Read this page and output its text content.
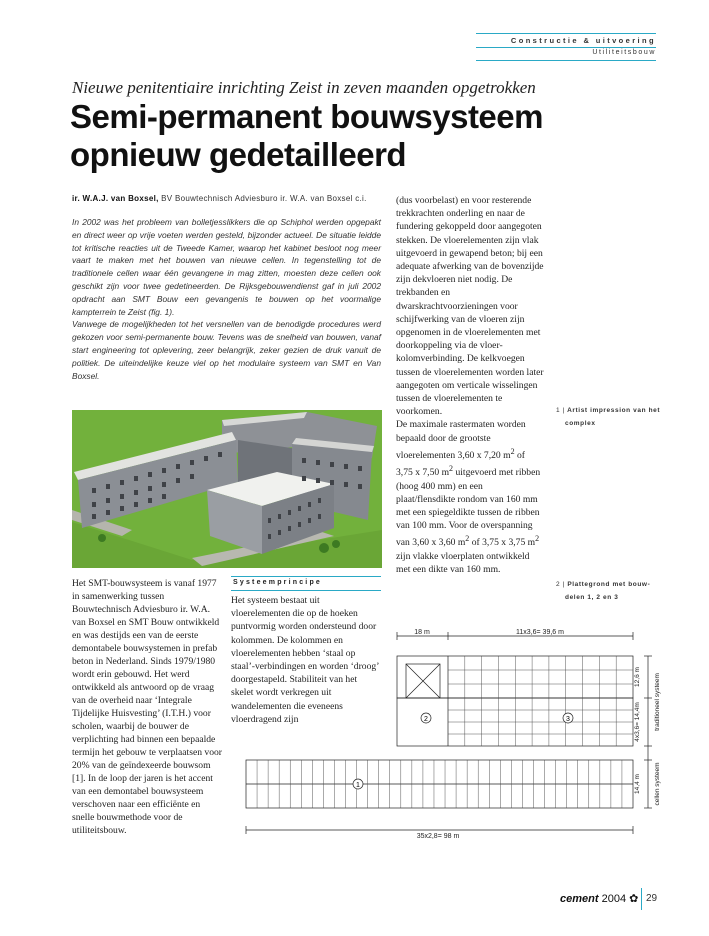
Constructie & uitvoering
Utiliteitsbouw
Nieuwe penitentiaire inrichting Zeist in zeven maanden opgetrokken
Semi-permanent bouwsysteem
opnieuw gedetailleerd
ir. W.A.J. van Boxsel, BV Bouwtechnisch Adviesburo ir. W.A. van Boxsel c.i.

In 2002 was het probleem van bolletjesslikkers die op Schiphol werden opgepakt en direct weer op vrije voeten werden gesteld, bijzonder actueel. De situatie leidde tot kritische reacties uit de Tweede Kamer, waarop het kabinet besloot nog meer vaart te maken met het bouwen van nieuwe cellen. In tegenstelling tot de traditionele cellen waar één gevangene in mag zitten, moesten deze cellen ook geschikt zijn voor twee gedetineerden. De Rijksgebouwendienst gaf in juli 2002 opdracht aan SMT Bouw een gevangenis te bouwen op het voormalige kampterrein te Zeist (fig. 1).

Vanwege de mogelijkheden tot het versnellen van de benodigde procedures werd gekozen voor semi-permanente bouw. Tevens was de snelheid van bouwen, vanaf start engineering tot oplevering, zeer belangrijk, zeker gezien de druk vanuit de politiek. De uiteindelijke keuze viel op het modulaire systeem van SMT en Van Boxsel.

(dus voorbelast) en voor resterende trekkrachten onderling en naar de fundering gekoppeld door aangegoten stekken. De vloerelementen zijn vlak uitgevoerd in gewapend beton; bij een adequate afwerking van de bovenzijde zijn dekvloeren niet nodig. De trekbanden en dwarskrachtvoorzieningen voor schijfwerking van de vloeren zijn opgenomen in de vloerelementen met doorkoppeling via de vloer-kolomverbinding. De kelkvoegen tussen de vloerelementen worden later aangegoten om verticale wisselingen tussen de vloerelementen te voorkomen.

De maximale rastermaten worden bepaald door de grootste vloerelementen 3,60 x 7,20 $m^2$ of 3,75 x 7,50 $m^2$ uitgevoerd met ribben (hoog 400 mm) en een plaat/flensdikte rondom van 160 mm met een spiegeldikte tussen de ribben van 100 mm. Voor de overspanning van 3,60 x 3,60 $m^2$ of 3,75 x 3,75 $m^2$ zijn vlakke vloerplaten ontwikkeld met een dikte van 160 mm.

1 | Artist impression van het
complex
2 | Plattegrond met bouw-
delen 1, 2 en 3

Het SMT-bouwsysteem is vanaf 1977 in samenwerking tussen Bouwtechnisch Adviesburo ir. W.A. van Boxsel en SMT Bouw ontwikkeld en was destijds een van de eerste demontabele bouwsystemen in prefab beton in Nederland. Sinds 1979/1980 wordt erin gebouwd. Het werd ontwikkeld als antwoord op de vraag van de overheid naar ‘Integrale Tijdelijke Huisvesting’ (I.T.H.) voor scholen, waarbij de bouwer de verplichting had binnen een bepaalde termijn het gebouw te verplaatsen voor 20% van de geïndexeerde bouwsom [1]. In de loop der jaren is het accent van een demontabel bouwsysteem verschoven naar een efficiënte en snelle bouwmethode voor de utiliteitsbouw.

Systeemprincipe

Het systeem bestaat uit vloerelementen die op de hoeken puntvormig worden ondersteund door kolommen. De kolommen en vloerelementen hebben ‘staal op staal’-verbindingen en worden ‘droog’ doorgestapeld. Stabiliteit van het skelet wordt verkregen uit wandelementen die eveneens vloerdragend zijn	2
1
3
18 m	11x3,6= 39,6 m
35x2,8= 98 m
12,6 m
4x3,6= 14,4m
14,4 m
traditioneel systeem
cellen systeem
cement 2004 ✿ 29
